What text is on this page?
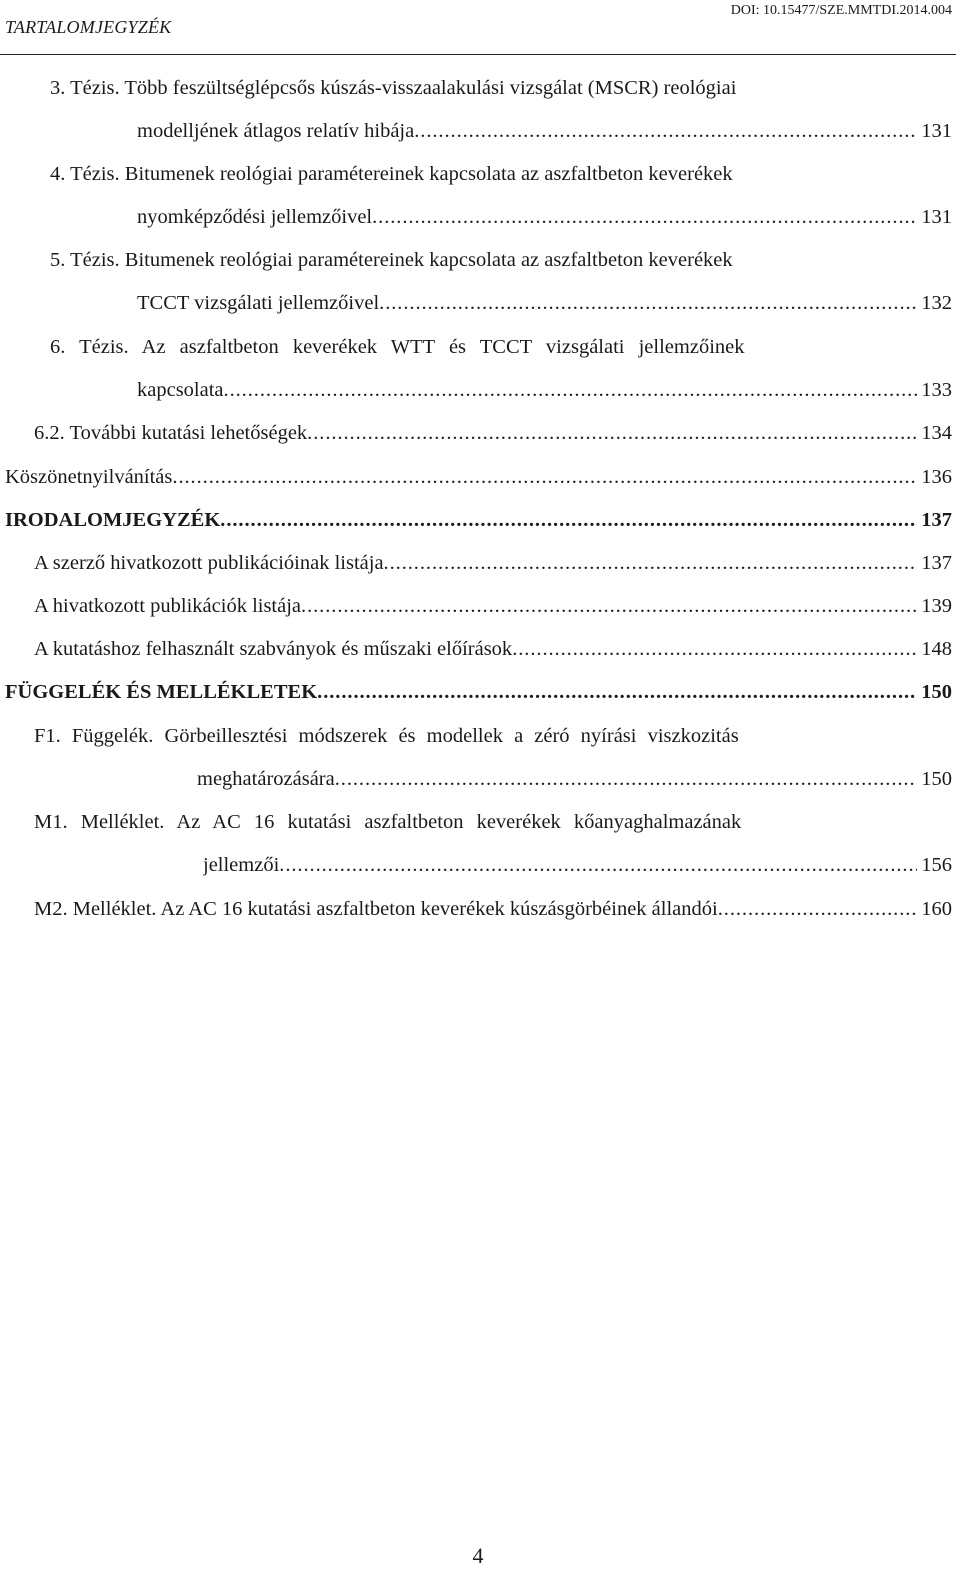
TARTALOMJEGYZÉK
DOI: 10.15477/SZE.MMTDI.2014.004
3. Tézis. Több feszültséglépcsős kúszás-visszaalakulási vizsgálat (MSCR) reológiai
modelljének átlagos relatív hibája . . .	131
4. Tézis. Bitumenek reológiai paramétereinek kapcsolata az aszfaltbeton keverékek
nyomképződési jellemzőivel . . .	131
5. Tézis. Bitumenek reológiai paramétereinek kapcsolata az aszfaltbeton keverékek
TCCT vizsgálati jellemzőivel . . .	132
6. Tézis. Az aszfaltbeton keverékek WTT és TCCT vizsgálati jellemzőinek
kapcsolata . . .	133
6.2. További kutatási lehetőségek . . .	134
Köszönetnyilvánítás . . .	136
IRODALOMJEGYZÉK . . .	137
A szerző hivatkozott publikációinak listája . . .	137
A hivatkozott publikációk listája . . .	139
A kutatáshoz felhasznált szabványok és műszaki előírások . . .	148
FÜGGELÉK ÉS MELLÉKLETEK . . .	150
F1. Függelék. Görbeillesztési módszerek és modellek a zéró nyírási viszkozitás
meghatározására . . .	150
M1. Melléklet. Az AC 16 kutatási aszfaltbeton keverékek kőanyaghalmazának
jellemzői . . .	156
M2. Melléklet. Az AC 16 kutatási aszfaltbeton keverékek kúszásgörbéinek állandói . . .	160
4
